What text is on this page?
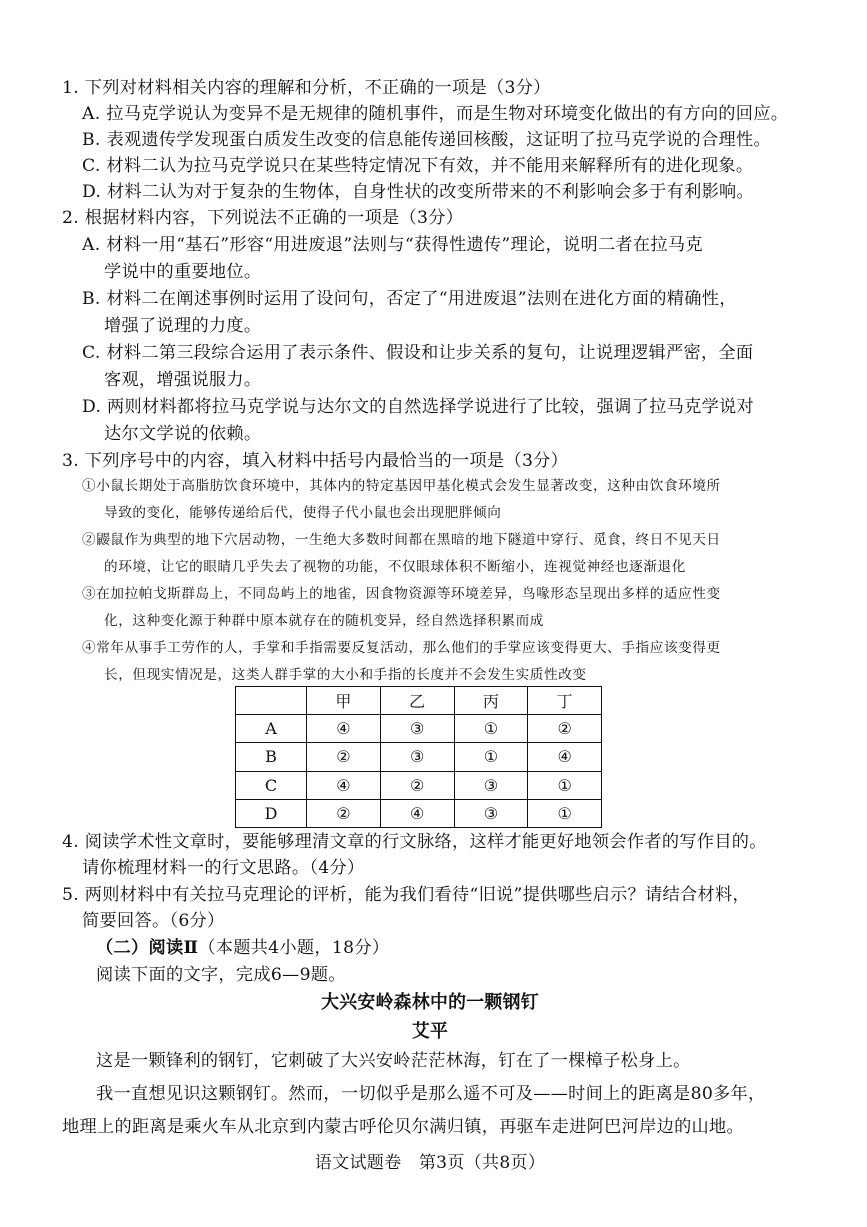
1. 下列对材料相关内容的理解和分析，不正确的一项是（3分）
A. 拉马克学说认为变异不是无规律的随机事件，而是生物对环境变化做出的有方向的回应。
B. 表观遗传学发现蛋白质发生改变的信息能传递回核酸，这证明了拉马克学说的合理性。
C. 材料二认为拉马克学说只在某些特定情况下有效，并不能用来解释所有的进化现象。
D. 材料二认为对于复杂的生物体，自身性状的改变所带来的不利影响会多于有利影响。
2. 根据材料内容，下列说法不正确的一项是（3分）
A. 材料一用“基石”形容“用进废退”法则与“获得性遗传”理论，说明二者在拉马克
学说中的重要地位。
B. 材料二在阐述事例时运用了设问句，否定了“用进废退”法则在进化方面的精确性，
增强了说理的力度。
C. 材料二第三段综合运用了表示条件、假设和让步关系的复句，让说理逻辑严密，全面
客观，增强说服力。
D. 两则材料都将拉马克学说与达尔文的自然选择学说进行了比较，强调了拉马克学说对
达尔文学说的依赖。
3. 下列序号中的内容，填入材料中括号内最恰当的一项是（3分）
①小鼠长期处于高脂肪饮食环境中，其体内的特定基因甲基化模式会发生显著改变，这种由饮食环境所
导致的变化，能够传递给后代，使得子代小鼠也会出现肥胖倾向
②鼹鼠作为典型的地下穴居动物，一生绝大多数时间都在黑暗的地下隧道中穿行、觅食，终日不见天日
的环境，让它的眼睛几乎失去了视物的功能，不仅眼球体积不断缩小，连视觉神经也逐渐退化
③在加拉帕戈斯群岛上，不同岛屿上的地雀，因食物资源等环境差异，鸟喙形态呈现出多样的适应性变
化，这种变化源于种群中原本就存在的随机变异，经自然选择积累而成
④常年从事手工劳作的人，手掌和手指需要反复活动，那么他们的手掌应该变得更大、手指应该变得更
长，但现实情况是，这类人群手掌的大小和手指的长度并不会发生实质性改变
	甲	乙	丙	丁
A	④	③	①	②
B	②	③	①	④
C	④	②	③	①
D	②	④	③	①
4. 阅读学术性文章时，要能够理清文章的行文脉络，这样才能更好地领会作者的写作目的。
请你梳理材料一的行文思路。（4分）
5. 两则材料中有关拉马克理论的评析，能为我们看待“旧说”提供哪些启示？请结合材料，
简要回答。（6分）
（二）阅读Ⅱ（本题共4小题，18分）
阅读下面的文字，完成6—9题。
大兴安岭森林中的一颗钢钉
艾平
这是一颗锋利的钢钉，它刺破了大兴安岭茫茫林海，钉在了一棵樟子松身上。
我一直想见识这颗钢钉。然而，一切似乎是那么遥不可及——时间上的距离是80多年，
地理上的距离是乘火车从北京到内蒙古呼伦贝尔满归镇，再驱车走进阿巴河岸边的山地。
语文试题卷　第3页（共8页）
